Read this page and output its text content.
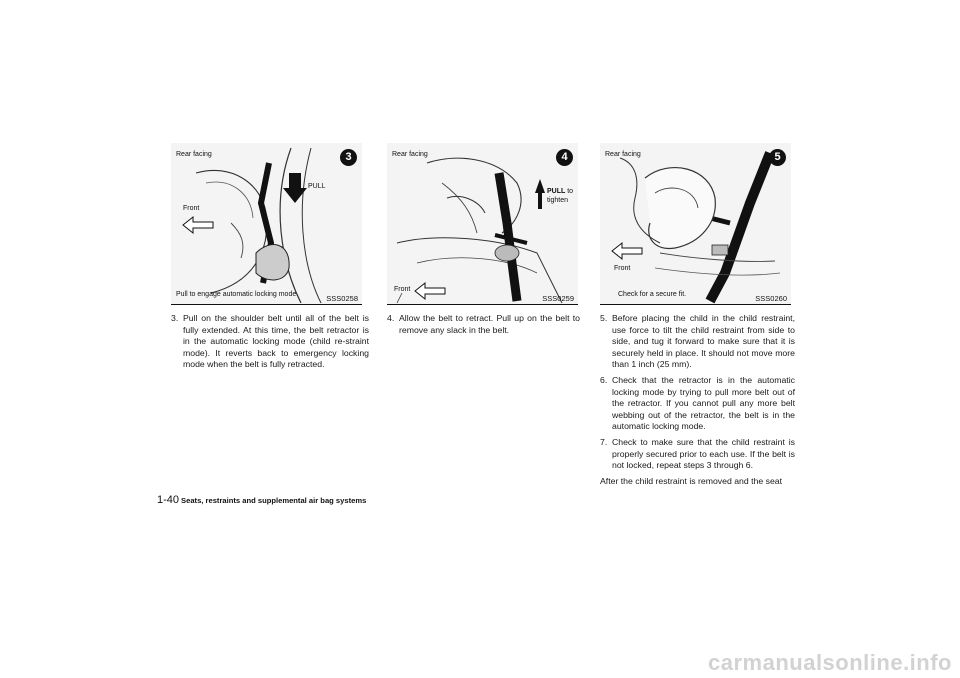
Rear facing
Front
PULL
Pull to engage automatic locking mode.
3
SSS0258
Rear facing
Front
PULL to
tighten
4
SSS0259
Rear facing
Front
Check for a secure fit.
5
SSS0260
3. Pull on the shoulder belt until all of the belt is fully extended. At this time, the belt retractor is in the automatic locking mode (child re-straint mode). It reverts back to emergency locking mode when the belt is fully retracted.
4. Allow the belt to retract. Pull up on the belt to remove any slack in the belt.
5. Before placing the child in the child restraint, use force to tilt the child restraint from side to side, and tug it forward to make sure that it is securely held in place. It should not move more than 1 inch (25 mm).
6. Check that the retractor is in the automatic locking mode by trying to pull more belt out of the retractor. If you cannot pull any more belt webbing out of the retractor, the belt is in the automatic locking mode.
7. Check to make sure that the child restraint is properly secured prior to each use. If the belt is not locked, repeat steps 3 through 6.
After the child restraint is removed and the seat
1-40 Seats, restraints and supplemental air bag systems
carmanualsonline.info
